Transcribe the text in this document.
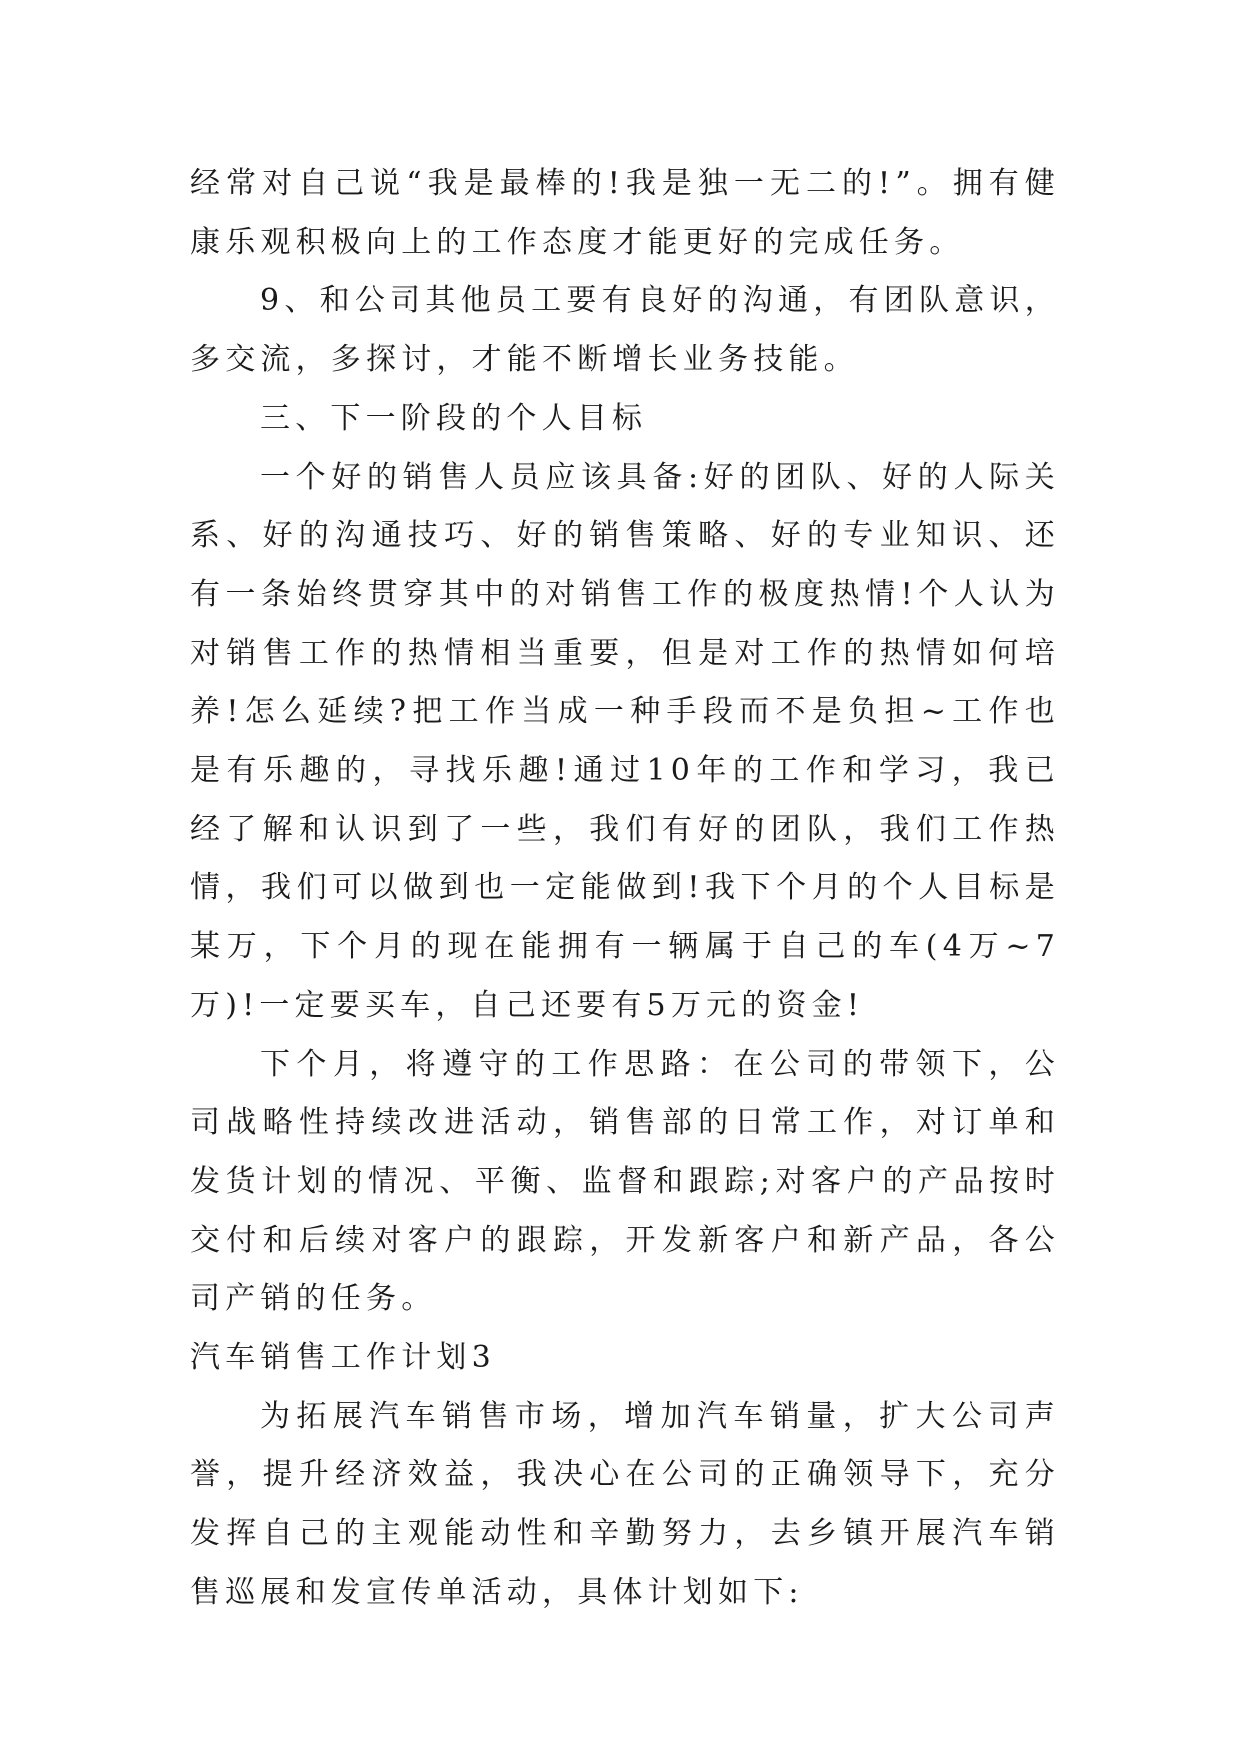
经常对自己说“我是最棒的!我是独一无二的!”。拥有健康乐观积极向上的工作态度才能更好的完成任务。

9、和公司其他员工要有良好的沟通，有团队意识，多交流，多探讨，才能不断增长业务技能。

三、下一阶段的个人目标

一个好的销售人员应该具备:好的团队、好的人际关系、好的沟通技巧、好的销售策略、好的专业知识、还有一条始终贯穿其中的对销售工作的极度热情!个人认为对销售工作的热情相当重要，但是对工作的热情如何培养!怎么延续?把工作当成一种手段而不是负担~工作也是有乐趣的，寻找乐趣!通过10年的工作和学习，我已经了解和认识到了一些，我们有好的团队，我们工作热情，我们可以做到也一定能做到!我下个月的个人目标是某万，下个月的现在能拥有一辆属于自己的车(4万~7万)!一定要买车，自己还要有5万元的资金!

下个月，将遵守的工作思路：在公司的带领下，公司战略性持续改进活动，销售部的日常工作，对订单和发货计划的情况、平衡、监督和跟踪;对客户的产品按时交付和后续对客户的跟踪，开发新客户和新产品，各公司产销的任务。

汽车销售工作计划3

为拓展汽车销售市场，增加汽车销量，扩大公司声誉，提升经济效益，我决心在公司的正确领导下，充分发挥自己的主观能动性和辛勤努力，去乡镇开展汽车销售巡展和发宣传单活动，具体计划如下:
